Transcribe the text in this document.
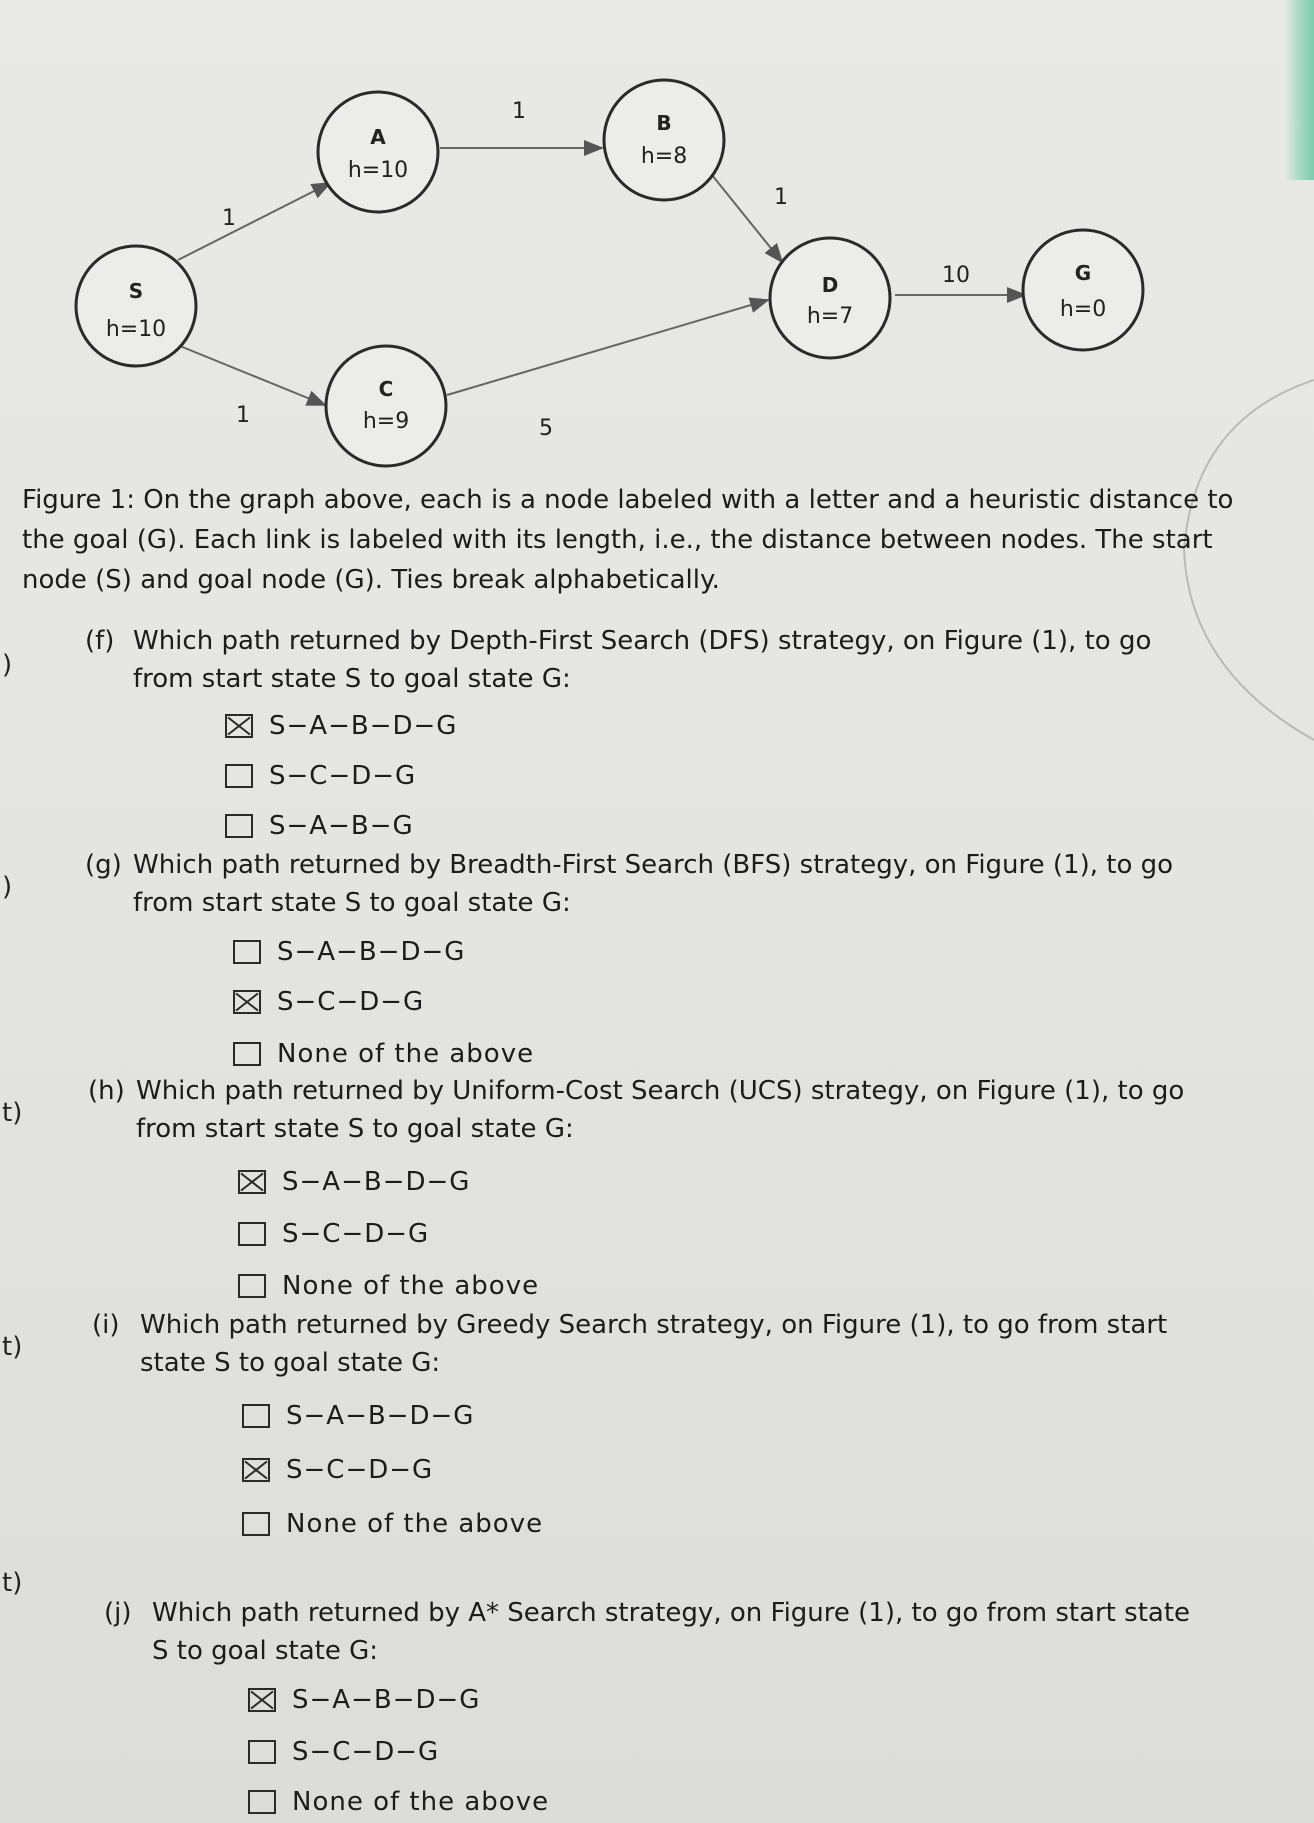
1
1
1
1
5
10
S
h=10
A
h=10
B
h=8
C
h=9
D
h=7
G
h=0

Figure 1: On the graph above, each is a node labeled with a letter and a heuristic distance to the goal (G). Each link is labeled with its length, i.e., the distance between nodes. The start node (S) and goal node (G). Ties break alphabetically.

)

(f) Which path returned by Depth-First Search (DFS) strategy, on Figure (1), to go
from start state S to goal state G:

S−A−B−D−G
S−C−D−G
S−A−B−G
)

(g) Which path returned by Breadth-First Search (BFS) strategy, on Figure (1), to go
from start state S to goal state G:

S−A−B−D−G
S−C−D−G
None of the above
t)

(h) Which path returned by Uniform-Cost Search (UCS) strategy, on Figure (1), to go
from start state S to goal state G:

S−A−B−D−G
S−C−D−G
None of the above
t)

(i) Which path returned by Greedy Search strategy, on Figure (1), to go from start
state S to goal state G:

S−A−B−D−G
S−C−D−G
None of the above
t)

(j) Which path returned by A* Search strategy, on Figure (1), to go from start state
S to goal state G:

S−A−B−D−G
S−C−D−G
None of the above
